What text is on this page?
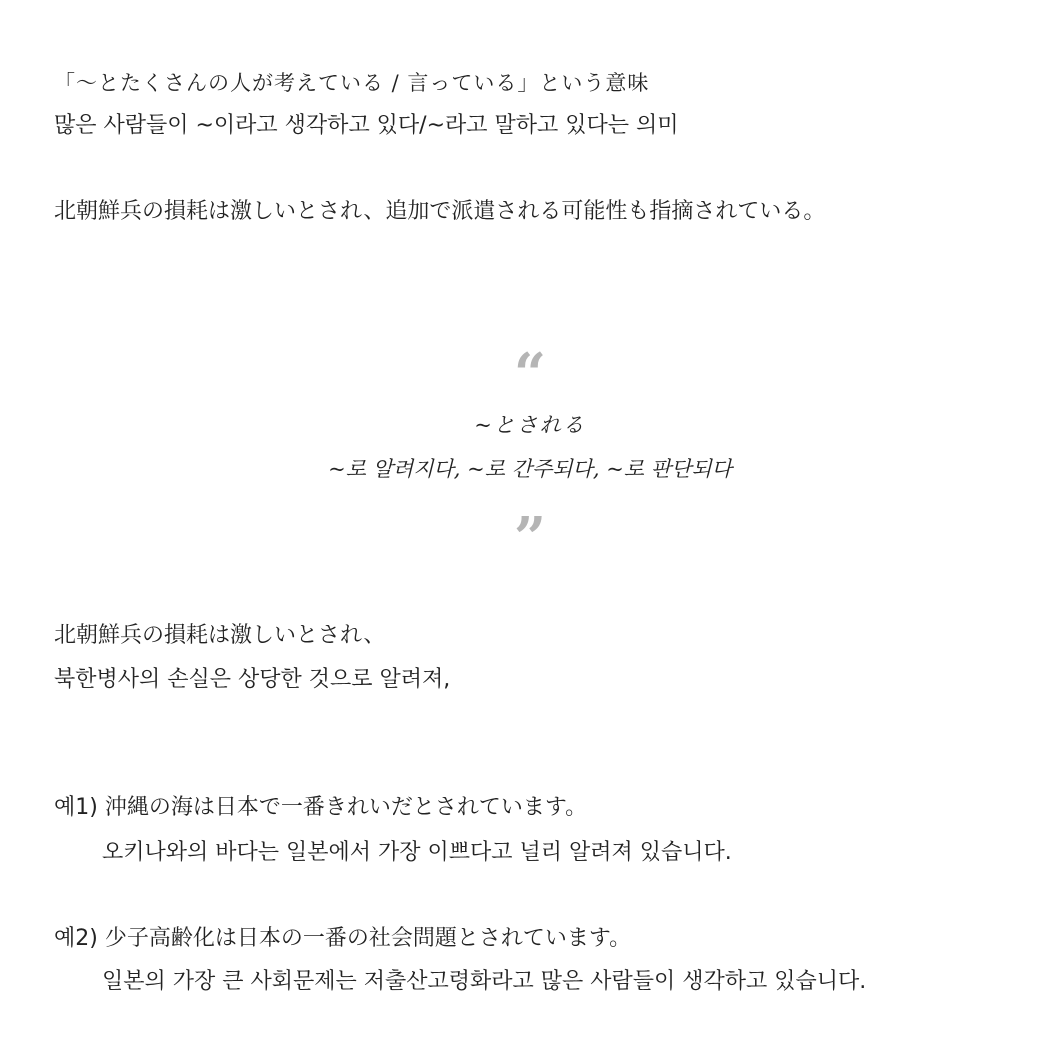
「〜とたくさんの人が考えている / 言っている」という意味
많은 사람들이 ~이라고 생각하고 있다/~라고 말하고 있다는 의미
北朝鮮兵の損耗は激しいとされ、追加で派遣される可能性も指摘されている。
“
~とされる
~로 알려지다, ~로 간주되다, ~로 판단되다
”
北朝鮮兵の損耗は激しいとされ、
북한병사의 손실은 상당한 것으로 알려져,
예1) 沖縄の海は日本で一番きれいだとされています。
오키나와의 바다는 일본에서 가장 이쁘다고 널리 알려져 있습니다.
예2) 少子高齢化は日本の一番の社会問題とされています。
일본의 가장 큰 사회문제는 저출산고령화라고 많은 사람들이 생각하고 있습니다.
